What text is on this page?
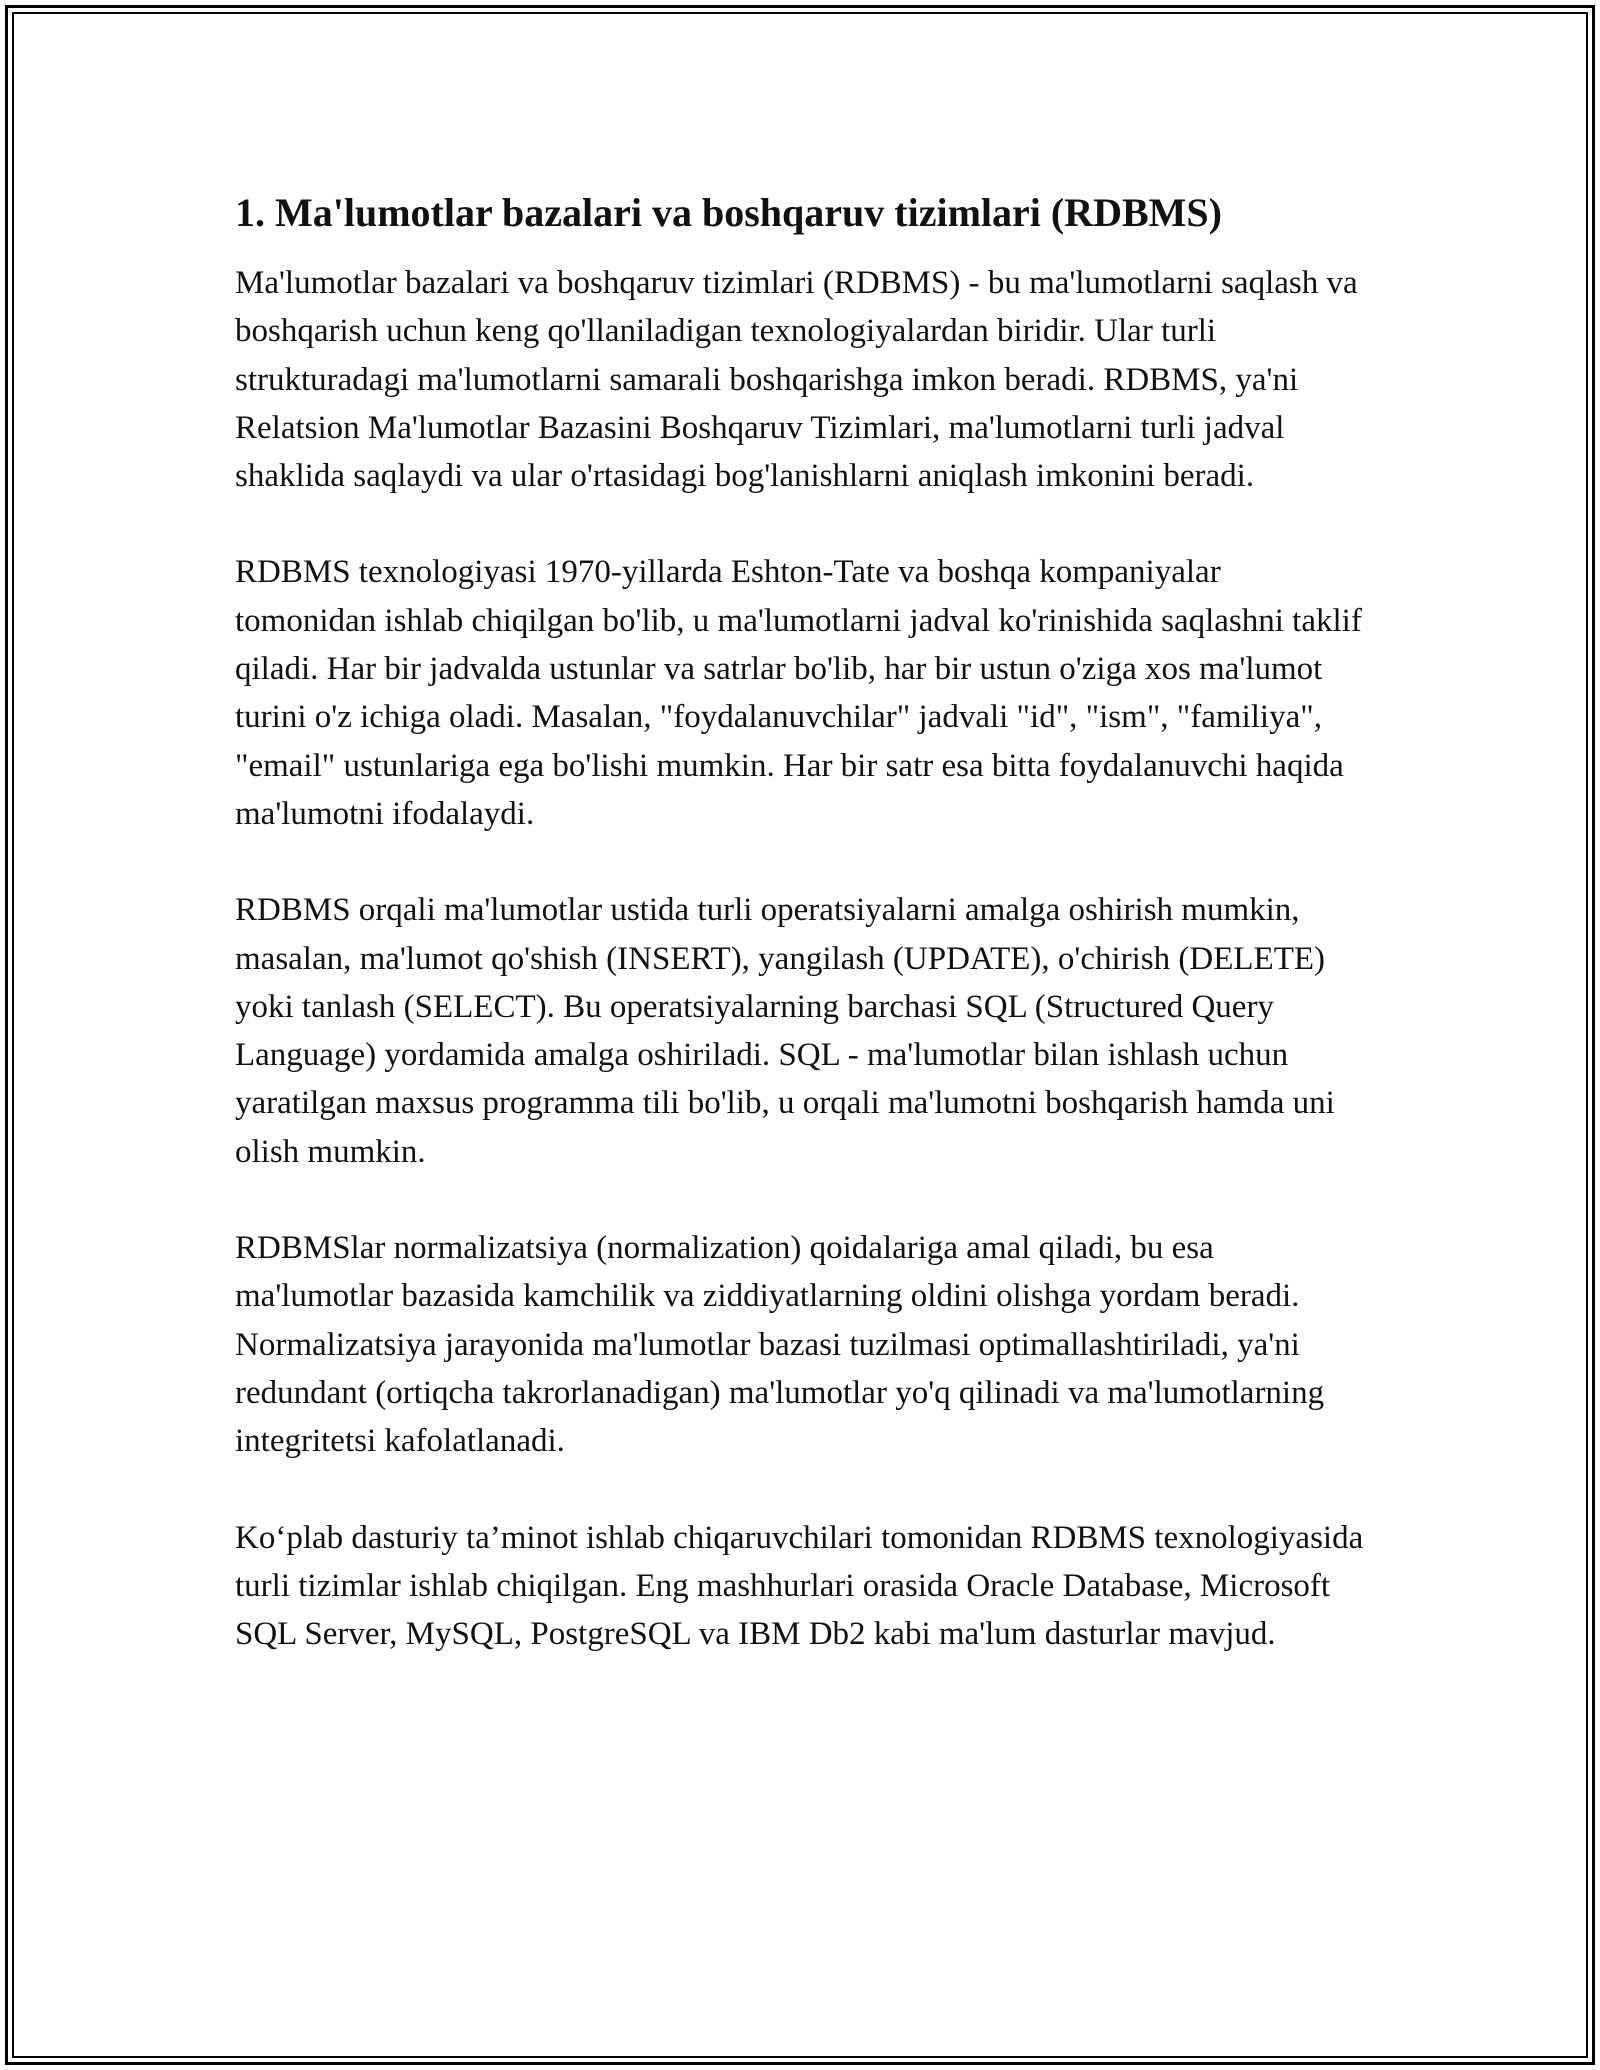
1. Ma'lumotlar bazalari va boshqaruv tizimlari (RDBMS)

Ma'lumotlar bazalari va boshqaruv tizimlari (RDBMS) - bu ma'lumotlarni saqlash va boshqarish uchun keng qo'llaniladigan texnologiyalardan biridir. Ular turli strukturadagi ma'lumotlarni samarali boshqarishga imkon beradi. RDBMS, ya'ni Relatsion Ma'lumotlar Bazasini Boshqaruv Tizimlari, ma'lumotlarni turli jadval shaklida saqlaydi va ular o'rtasidagi bog'lanishlarni aniqlash imkonini beradi.

RDBMS texnologiyasi 1970-yillarda Eshton-Tate va boshqa kompaniyalar tomonidan ishlab chiqilgan bo'lib, u ma'lumotlarni jadval ko'rinishida saqlashni taklif qiladi. Har bir jadvalda ustunlar va satrlar bo'lib, har bir ustun o'ziga xos ma'lumot turini o'z ichiga oladi. Masalan, "foydalanuvchilar" jadvali "id", "ism", "familiya", "email" ustunlariga ega bo'lishi mumkin. Har bir satr esa bitta foydalanuvchi haqida ma'lumotni ifodalaydi.

RDBMS orqali ma'lumotlar ustida turli operatsiyalarni amalga oshirish mumkin, masalan, ma'lumot qo'shish (INSERT), yangilash (UPDATE), o'chirish (DELETE) yoki tanlash (SELECT). Bu operatsiyalarning barchasi SQL (Structured Query Language) yordamida amalga oshiriladi. SQL - ma'lumotlar bilan ishlash uchun yaratilgan maxsus programma tili bo'lib, u orqali ma'lumotni boshqarish hamda uni olish mumkin.

RDBMSlar normalizatsiya (normalization) qoidalariga amal qiladi, bu esa ma'lumotlar bazasida kamchilik va ziddiyatlarning oldini olishga yordam beradi. Normalizatsiya jarayonida ma'lumotlar bazasi tuzilmasi optimallashtiriladi, ya'ni redundant (ortiqcha takrorlanadigan) ma'lumotlar yo'q qilinadi va ma'lumotlarning integritetsi kafolatlanadi.

Ko‘plab dasturiy ta’minot ishlab chiqaruvchilari tomonidan RDBMS texnologiyasida turli tizimlar ishlab chiqilgan. Eng mashhurlari orasida Oracle Database, Microsoft SQL Server, MySQL, PostgreSQL va IBM Db2 kabi ma'lum dasturlar mavjud.
